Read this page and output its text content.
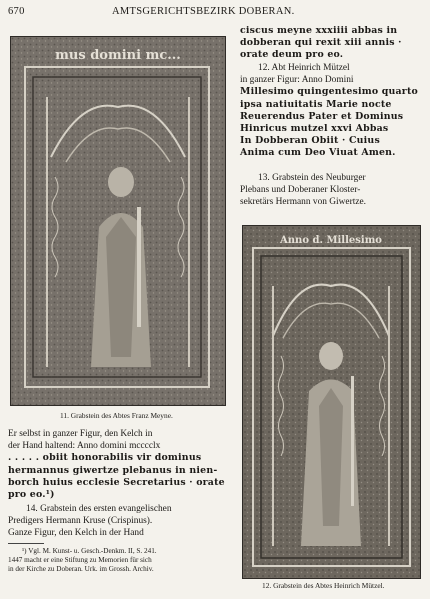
670	AMTSGERICHTSBEZIRK DOBERAN.
mus domini mc...
11. Grabstein des Abtes Franz Meyne.
ciscus meyne xxxiiii abbas in
dobberan qui rexit xiii annis ·
orate deum pro eo.
12. Abt Heinrich Mützel
in ganzer Figur: Anno Domini
Millesimo quingentesimo quarto
ipsa natiuitatis Marie nocte
Reuerendus Pater et Dominus
Hinricus mutzel xxvi Abbas
In Dobberan Obiit · Cuius
Anima cum Deo Viuat Amen.
13. Grabstein des Neuburger
Plebans und Doberaner Kloster-
sekretärs Hermann von Giwertze.
Anno d. Millesimo
12. Grabstein des Abtes Heinrich Mützel.
Er selbst in ganzer Figur, den Kelch in
der Hand haltend: Anno domini mcccclx
. . . . . obiit honorabilis vir dominus
hermannus giwertze plebanus in nien-
borch huius ecclesie Secretarius · orate
pro eo.¹)
14. Grabstein des ersten evangelischen
Predigers Hermann Kruse (Crispinus).
Ganze Figur, den Kelch in der Hand
¹) Vgl. M. Kunst- u. Gesch.-Denkm. II, S. 241.
1447 macht er eine Stiftung zu Memorien für sich
in der Kirche zu Doberan. Urk. im Grossh. Archiv.
